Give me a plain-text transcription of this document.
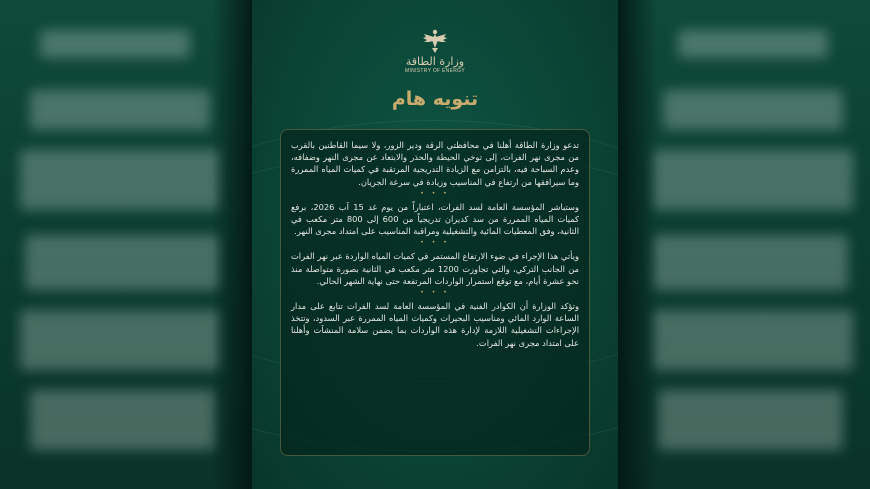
وزارة الطاقة
MINISTRY OF ENERGY
تنويه هام

تدعو وزارة الطاقة أهلنا في محافظتي الرقة ودير الزور، ولا سيما القاطنين بالقرب من مجرى نهر الفرات، إلى توخي الحيطة والحذر والابتعاد عن مجرى النهر وضفافه، وعدم السباحة فيه، بالتزامن مع الزيادة التدريجية المرتقبة في كميات المياه الممررة وما سيرافقها من ارتفاع في المناسيب وزيادة في سرعة الجريان.

• • •

وستباشر المؤسسة العامة لسد الفرات، اعتباراً من يوم غد 15 آب 2026، برفع كميات المياه الممررة من سد كديران تدريجياً من 600 إلى 800 متر مكعب في الثانية، وفق المعطيات المائية والتشغيلية ومراقبة المناسيب على امتداد مجرى النهر.

• • •

ويأتي هذا الإجراء في ضوء الارتفاع المستمر في كميات المياه الواردة عبر نهر الفرات من الجانب التركي، والتي تجاوزت 1200 متر مكعب في الثانية بصورة متواصلة منذ نحو عشرة أيام، مع توقع استمرار الواردات المرتفعة حتى نهاية الشهر الحالي.

• • •

وتؤكد الوزارة أن الكوادر الفنية في المؤسسة العامة لسد الفرات تتابع على مدار الساعة الوارد المائي ومناسيب البحيرات وكميات المياه الممررة عبر السدود، وتتخذ الإجراءات التشغيلية اللازمة لإدارة هذه الواردات بما يضمن سلامة المنشآت وأهلنا على امتداد مجرى نهر الفرات.
